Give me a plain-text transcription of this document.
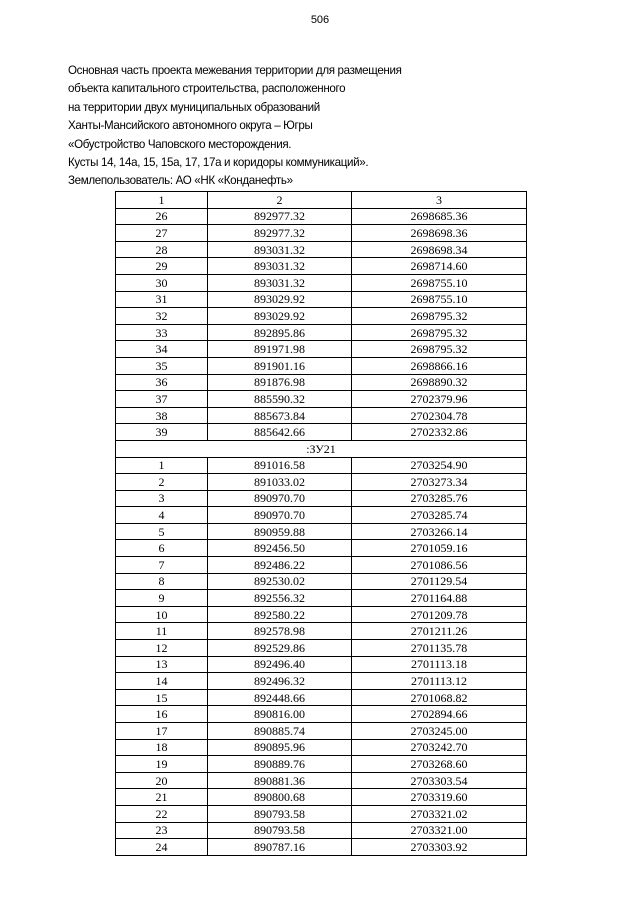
506
Основная часть проекта межевания территории для размещения
объекта капитального строительства, расположенного
на территории двух муниципальных образований
Ханты-Мансийского автономного округа – Югры
«Обустройство Чаповского месторождения.
Кусты 14, 14а, 15, 15а, 17, 17а и коридоры коммуникаций».
Землепользователь: АО «НК «Конданефть»
1	2	3
26	892977.32	2698685.36
27	892977.32	2698698.36
28	893031.32	2698698.34
29	893031.32	2698714.60
30	893031.32	2698755.10
31	893029.92	2698755.10
32	893029.92	2698795.32
33	892895.86	2698795.32
34	891971.98	2698795.32
35	891901.16	2698866.16
36	891876.98	2698890.32
37	885590.32	2702379.96
38	885673.84	2702304.78
39	885642.66	2702332.86
:ЗУ21		
1	891016.58	2703254.90
2	891033.02	2703273.34
3	890970.70	2703285.76
4	890970.70	2703285.74
5	890959.88	2703266.14
6	892456.50	2701059.16
7	892486.22	2701086.56
8	892530.02	2701129.54
9	892556.32	2701164.88
10	892580.22	2701209.78
11	892578.98	2701211.26
12	892529.86	2701135.78
13	892496.40	2701113.18
14	892496.32	2701113.12
15	892448.66	2701068.82
16	890816.00	2702894.66
17	890885.74	2703245.00
18	890895.96	2703242.70
19	890889.76	2703268.60
20	890881.36	2703303.54
21	890800.68	2703319.60
22	890793.58	2703321.02
23	890793.58	2703321.00
24	890787.16	2703303.92
